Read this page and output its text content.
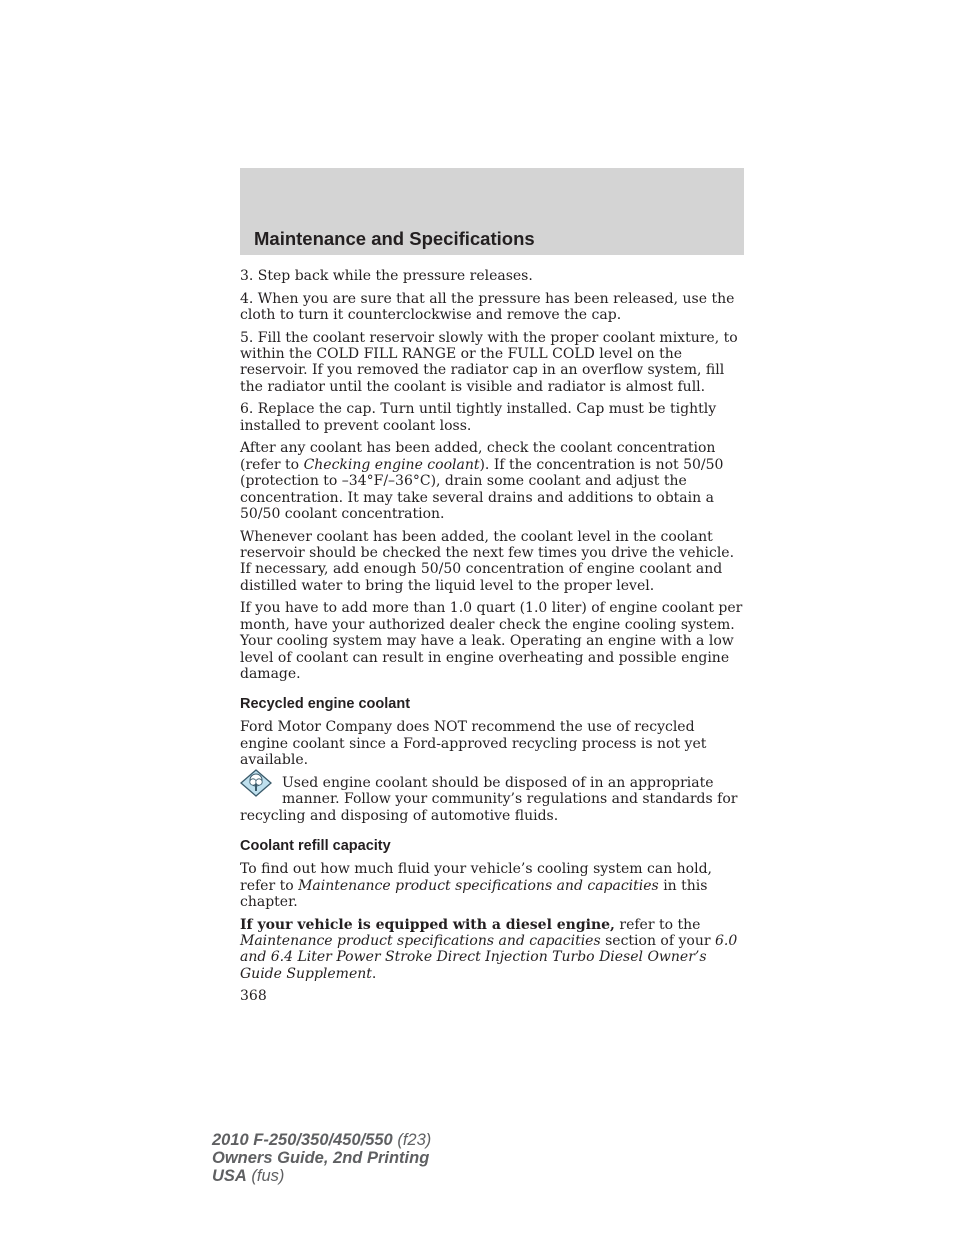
Maintenance and Specifications

3. Step back while the pressure releases.

4. When you are sure that all the pressure has been released, use the cloth to turn it counterclockwise and remove the cap.

5. Fill the coolant reservoir slowly with the proper coolant mixture, to within the COLD FILL RANGE or the FULL COLD level on the reservoir. If you removed the radiator cap in an overflow system, fill the radiator until the coolant is visible and radiator is almost full.

6. Replace the cap. Turn until tightly installed. Cap must be tightly installed to prevent coolant loss.

After any coolant has been added, check the coolant concentration (refer to Checking engine coolant). If the concentration is not 50/50 (protection to –34°F/–36°C), drain some coolant and adjust the concentration. It may take several drains and additions to obtain a 50/50 coolant concentration.

Whenever coolant has been added, the coolant level in the coolant reservoir should be checked the next few times you drive the vehicle. If necessary, add enough 50/50 concentration of engine coolant and distilled water to bring the liquid level to the proper level.

If you have to add more than 1.0 quart (1.0 liter) of engine coolant per month, have your authorized dealer check the engine cooling system. Your cooling system may have a leak. Operating an engine with a low level of coolant can result in engine overheating and possible engine damage.

Recycled engine coolant

Ford Motor Company does NOT recommend the use of recycled engine coolant since a Ford-approved recycling process is not yet available.

Used engine coolant should be disposed of in an appropriate manner. Follow your community’s regulations and standards for recycling and disposing of automotive fluids.

Coolant refill capacity

To find out how much fluid your vehicle’s cooling system can hold, refer to Maintenance product specifications and capacities in this chapter.

If your vehicle is equipped with a diesel engine, refer to the Maintenance product specifications and capacities section of your 6.0 and 6.4 Liter Power Stroke Direct Injection Turbo Diesel Owner’s Guide Supplement.

368
2010 F-250/350/450/550 (f23)
Owners Guide, 2nd Printing
USA (fus)
